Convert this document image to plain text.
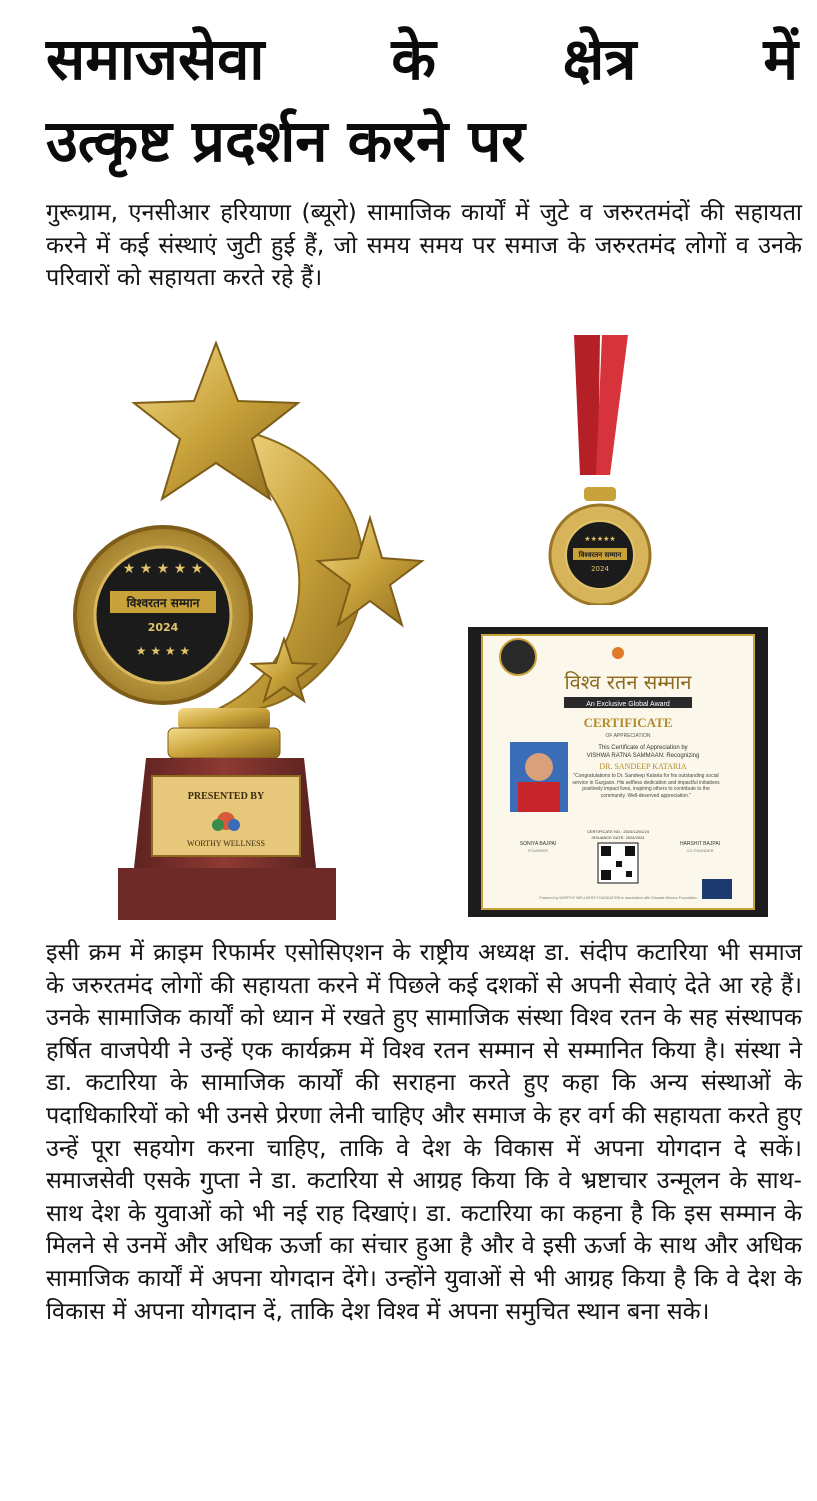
समाजसेवा के क्षेत्र में
उत्कृष्ट प्रदर्शन करने पर

गुरूग्राम, एनसीआर हरियाणा (ब्यूरो) सामाजिक कार्यों में जुटे व जरुरतमंदों की सहायता करने में कई संस्थाएं जुटी हुई हैं, जो समय समय पर समाज के जरुरतमंद लोगों व उनके परिवारों को सहायता करते रहे हैं।

★ ★ ★ ★ ★
विश्वरतन सम्मान
2024
★ ★ ★ ★
PRESENTED BY
WORTHY WELLNESS
★★★★★
विश्वरतन सम्मान
2024
विश्व रतन सम्मान
An Exclusive Global Award
CERTIFICATE
OF APPRECIATION
This Certificate of Appreciation by
VISHWA RATNA SAMMAAN: Recognizing
DR. SANDEEP KATARIA
"Congratulations to Dr. Sandeep Kataria for his outstanding social service in Gurgaon. His selfless dedication and impactful initiatives positively impact lives, inspiring others to contribute to the community. Well-deserved appreciation."
SONIYA BAJPAI
FOUNDER
CERTIFICATE NO.: 2024/12/01/24
ISSUANCE DATE: 2024/2024
HARSHIT BAJPAI
CO-FOUNDER
Powered by WORTHY WELLNESS FOUNDATION in association with Educate Mission Foundation

इसी क्रम में क्राइम रिफार्मर एसोसिएशन के राष्ट्रीय अध्यक्ष डा. संदीप कटारिया भी समाज के जरुरतमंद लोगों की सहायता करने में पिछले कई दशकों से अपनी सेवाएं देते आ रहे हैं। उनके सामाजिक कार्यों को ध्यान में रखते हुए सामाजिक संस्था विश्व रतन के सह संस्थापक हर्षित वाजपेयी ने उन्हें एक कार्यक्रम में विश्व रतन सम्मान से सम्मानित किया है। संस्था ने डा. कटारिया के सामाजिक कार्यों की सराहना करते हुए कहा कि अन्य संस्थाओं के पदाधिकारियों को भी उनसे प्रेरणा लेनी चाहिए और समाज के हर वर्ग की सहायता करते हुए उन्हें पूरा सहयोग करना चाहिए, ताकि वे देश के विकास में अपना योगदान दे सकें। समाजसेवी एसके गुप्ता ने डा. कटारिया से आग्रह किया कि वे भ्रष्टाचार उन्मूलन के साथ-साथ देश के युवाओं को भी नई राह दिखाएं। डा. कटारिया का कहना है कि इस सम्मान के मिलने से उनमें और अधिक ऊर्जा का संचार हुआ है और वे इसी ऊर्जा के साथ और अधिक सामाजिक कार्यों में अपना योगदान देंगे। उन्होंने युवाओं से भी आग्रह किया है कि वे देश के विकास में अपना योगदान दें, ताकि देश विश्व में अपना समुचित स्थान बना सके।
